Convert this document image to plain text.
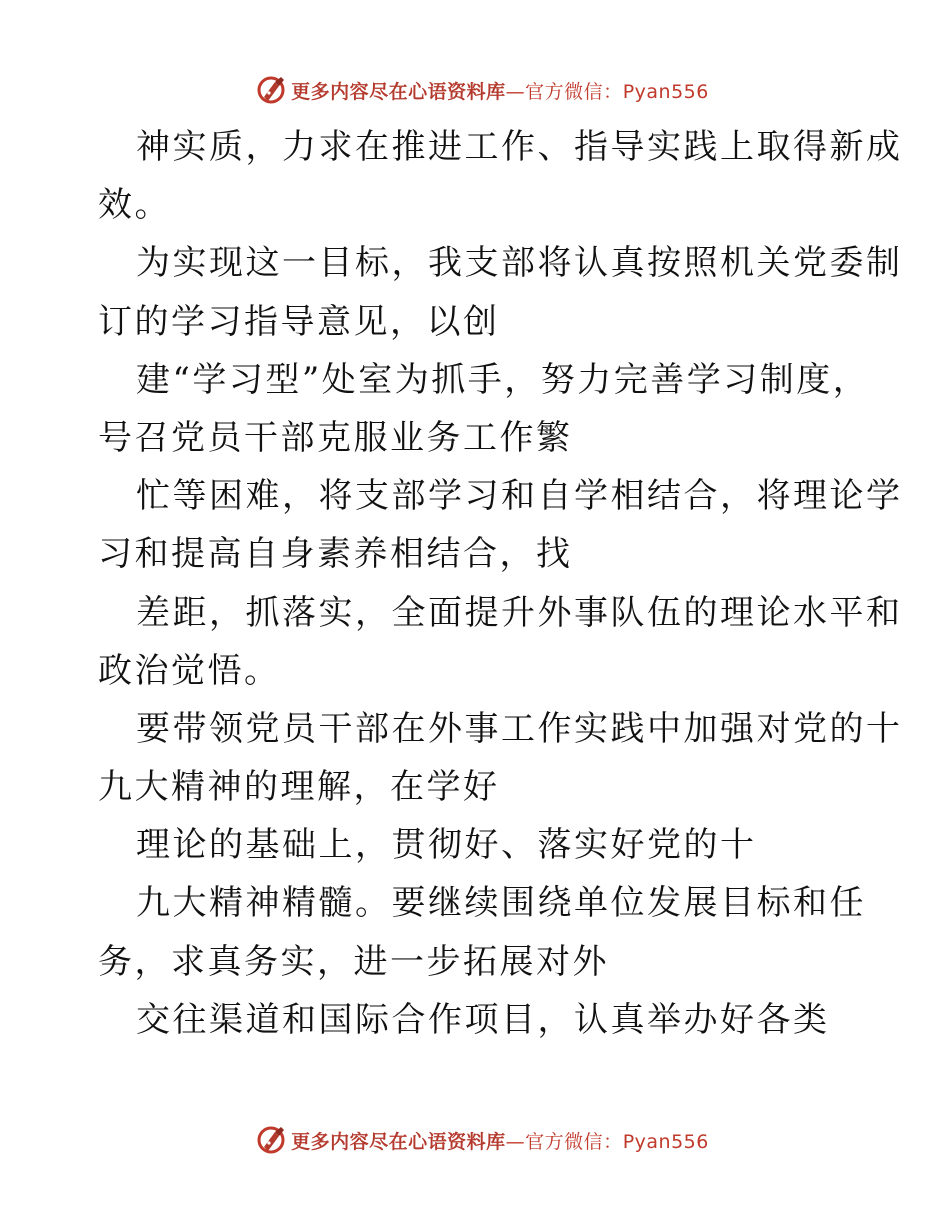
更多内容尽在心语资料库—官方微信：Pyan556
神实质，力求在推进工作、指导实践上取得新成
效。
为实现这一目标，我支部将认真按照机关党委制
订的学习指导意见，以创
建“学习型”处室为抓手，努力完善学习制度，
号召党员干部克服业务工作繁
忙等困难，将支部学习和自学相结合，将理论学
习和提高自身素养相结合，找
差距，抓落实，全面提升外事队伍的理论水平和
政治觉悟。
要带领党员干部在外事工作实践中加强对党的十
九大精神的理解，在学好
理论的基础上，贯彻好、落实好党的十
九大精神精髓。要继续围绕单位发展目标和任
务，求真务实，进一步拓展对外
交往渠道和国际合作项目，认真举办好各类
更多内容尽在心语资料库—官方微信：Pyan556
